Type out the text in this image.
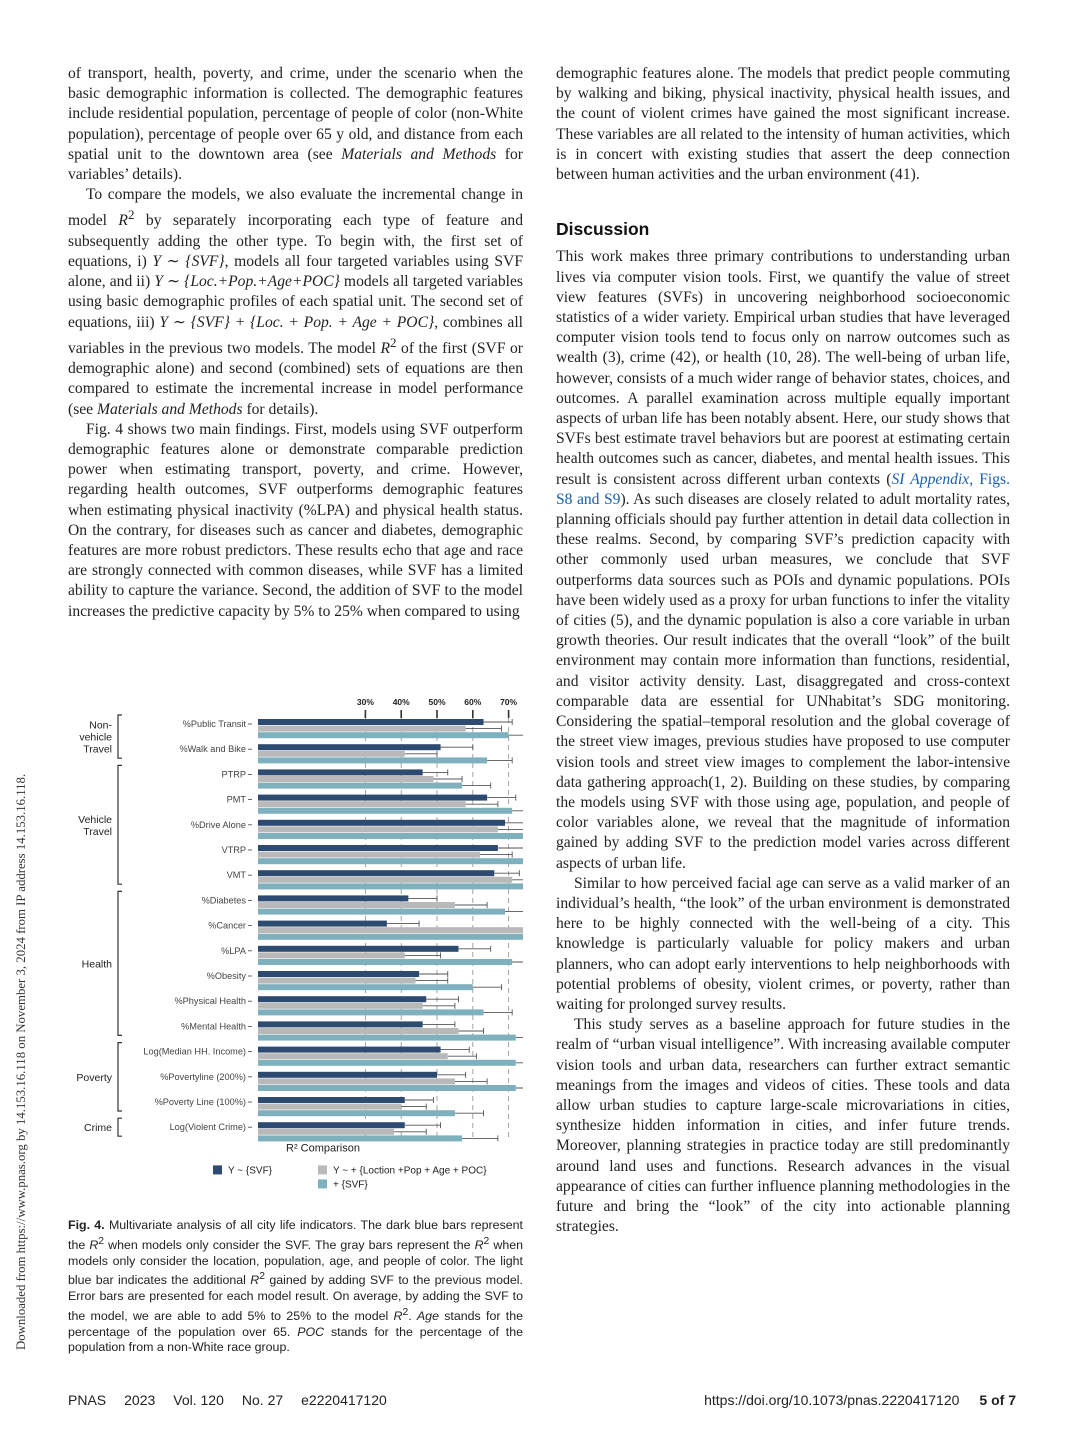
Downloaded from https://www.pnas.org by 14.153.16.118 on November 3, 2024 from IP address 14.153.16.118.

of transport, health, poverty, and crime, under the scenario when the basic demographic information is collected. The demographic features include residential population, percentage of people of color (non-White population), percentage of people over 65 y old, and distance from each spatial unit to the downtown area (see Materials and Methods for variables’ details).

To compare the models, we also evaluate the incremental change in model $R^2$ by separately incorporating each type of feature and subsequently adding the other type. To begin with, the first set of equations, i) Y ∼ {SVF}, models all four targeted variables using SVF alone, and ii) Y ∼ {Loc.+Pop.+Age+POC} models all targeted variables using basic demographic profiles of each spatial unit. The second set of equations, iii) Y ∼ {SVF} + {Loc. + Pop. + Age + POC}, combines all variables in the previous two models. The model $R^2$ of the first (SVF or demographic alone) and second (combined) sets of equations are then compared to estimate the incremental increase in model performance (see Materials and Methods for details).

Fig. 4 shows two main findings. First, models using SVF outperform demographic features alone or demonstrate comparable prediction power when estimating transport, poverty, and crime. However, regarding health outcomes, SVF outperforms demographic features when estimating physical inactivity (%LPA) and physical health status. On the contrary, for diseases such as cancer and diabetes, demographic features are more robust predictors. These results echo that age and race are strongly connected with common diseases, while SVF has a limited ability to capture the variance. Second, the addition of SVF to the model increases the predictive capacity by 5% to 25% when compared to using

30% 40% 50% 60% 70%
%Public Transit
%Walk and Bike
PTRP
PMT
%Drive Alone
VTRP
VMT
%Diabetes
%Cancer
%LPA
%Obesity
%Physical Health
%Mental Health
Log(Median HH. Income)
%Povertyline (200%)
%Poverty Line (100%)
Log(Violent Crime)
Non-
vehicle
Travel
Vehicle
Travel
Health
Poverty
Crime
R² Comparison
Y ~ {SVF}	Y ~ + {Loction +Pop + Age + POC}
+ {SVF}
Fig. 4. Multivariate analysis of all city life indicators. The dark blue bars represent the $R^2$ when models only consider the SVF. The gray bars represent the $R^2$ when models only consider the location, population, age, and people of color. The light blue bar indicates the additional $R^2$ gained by adding SVF to the previous model. Error bars are presented for each model result. On average, by adding the SVF to the model, we are able to add 5% to 25% to the model $R^2$. Age stands for the percentage of the population over 65. POC stands for the percentage of the population from a non-White race group.

demographic features alone. The models that predict people commuting by walking and biking, physical inactivity, physical health issues, and the count of violent crimes have gained the most significant increase. These variables are all related to the intensity of human activities, which is in concert with existing studies that assert the deep connection between human activities and the urban environment (41).

Discussion

This work makes three primary contributions to understanding urban lives via computer vision tools. First, we quantify the value of street view features (SVFs) in uncovering neighborhood socioeconomic statistics of a wider variety. Empirical urban studies that have leveraged computer vision tools tend to focus only on narrow outcomes such as wealth (3), crime (42), or health (10, 28). The well-being of urban life, however, consists of a much wider range of behavior states, choices, and outcomes. A parallel examination across multiple equally important aspects of urban life has been notably absent. Here, our study shows that SVFs best estimate travel behaviors but are poorest at estimating certain health outcomes such as cancer, diabetes, and mental health issues. This result is consistent across different urban contexts (SI Appendix, Figs. S8 and S9). As such diseases are closely related to adult mortality rates, planning officials should pay further attention in detail data collection in these realms. Second, by comparing SVF’s prediction capacity with other commonly used urban measures, we conclude that SVF outperforms data sources such as POIs and dynamic populations. POIs have been widely used as a proxy for urban functions to infer the vitality of cities (5), and the dynamic population is also a core variable in urban growth theories. Our result indicates that the overall “look” of the built environment may contain more information than functions, residential, and visitor activity density. Last, disaggregated and cross-context comparable data are essential for UNhabitat’s SDG monitoring. Considering the spatial–temporal resolution and the global coverage of the street view images, previous studies have proposed to use computer vision tools and street view images to complement the labor-intensive data gathering approach(1, 2). Building on these studies, by comparing the models using SVF with those using age, population, and people of color variables alone, we reveal that the magnitude of information gained by adding SVF to the prediction model varies across different aspects of urban life.

Similar to how perceived facial age can serve as a valid marker of an individual’s health, “the look” of the urban environment is demonstrated here to be highly connected with the well-being of a city. This knowledge is particularly valuable for policy makers and urban planners, who can adopt early interventions to help neighborhoods with potential problems of obesity, violent crimes, or poverty, rather than waiting for prolonged survey results.

This study serves as a baseline approach for future studies in the realm of “urban visual intelligence”. With increasing available computer vision tools and urban data, researchers can further extract semantic meanings from the images and videos of cities. These tools and data allow urban studies to capture large-scale microvariations in cities, synthesize hidden information in cities, and infer future trends. Moreover, planning strategies in practice today are still predominantly around land uses and functions. Research advances in the visual appearance of cities can further influence planning methodologies in the future and bring the “look” of the city into actionable planning strategies.

PNAS 2023 Vol. 120 No. 27 e2220417120	https://doi.org/10.1073/pnas.2220417120 5 of 7
